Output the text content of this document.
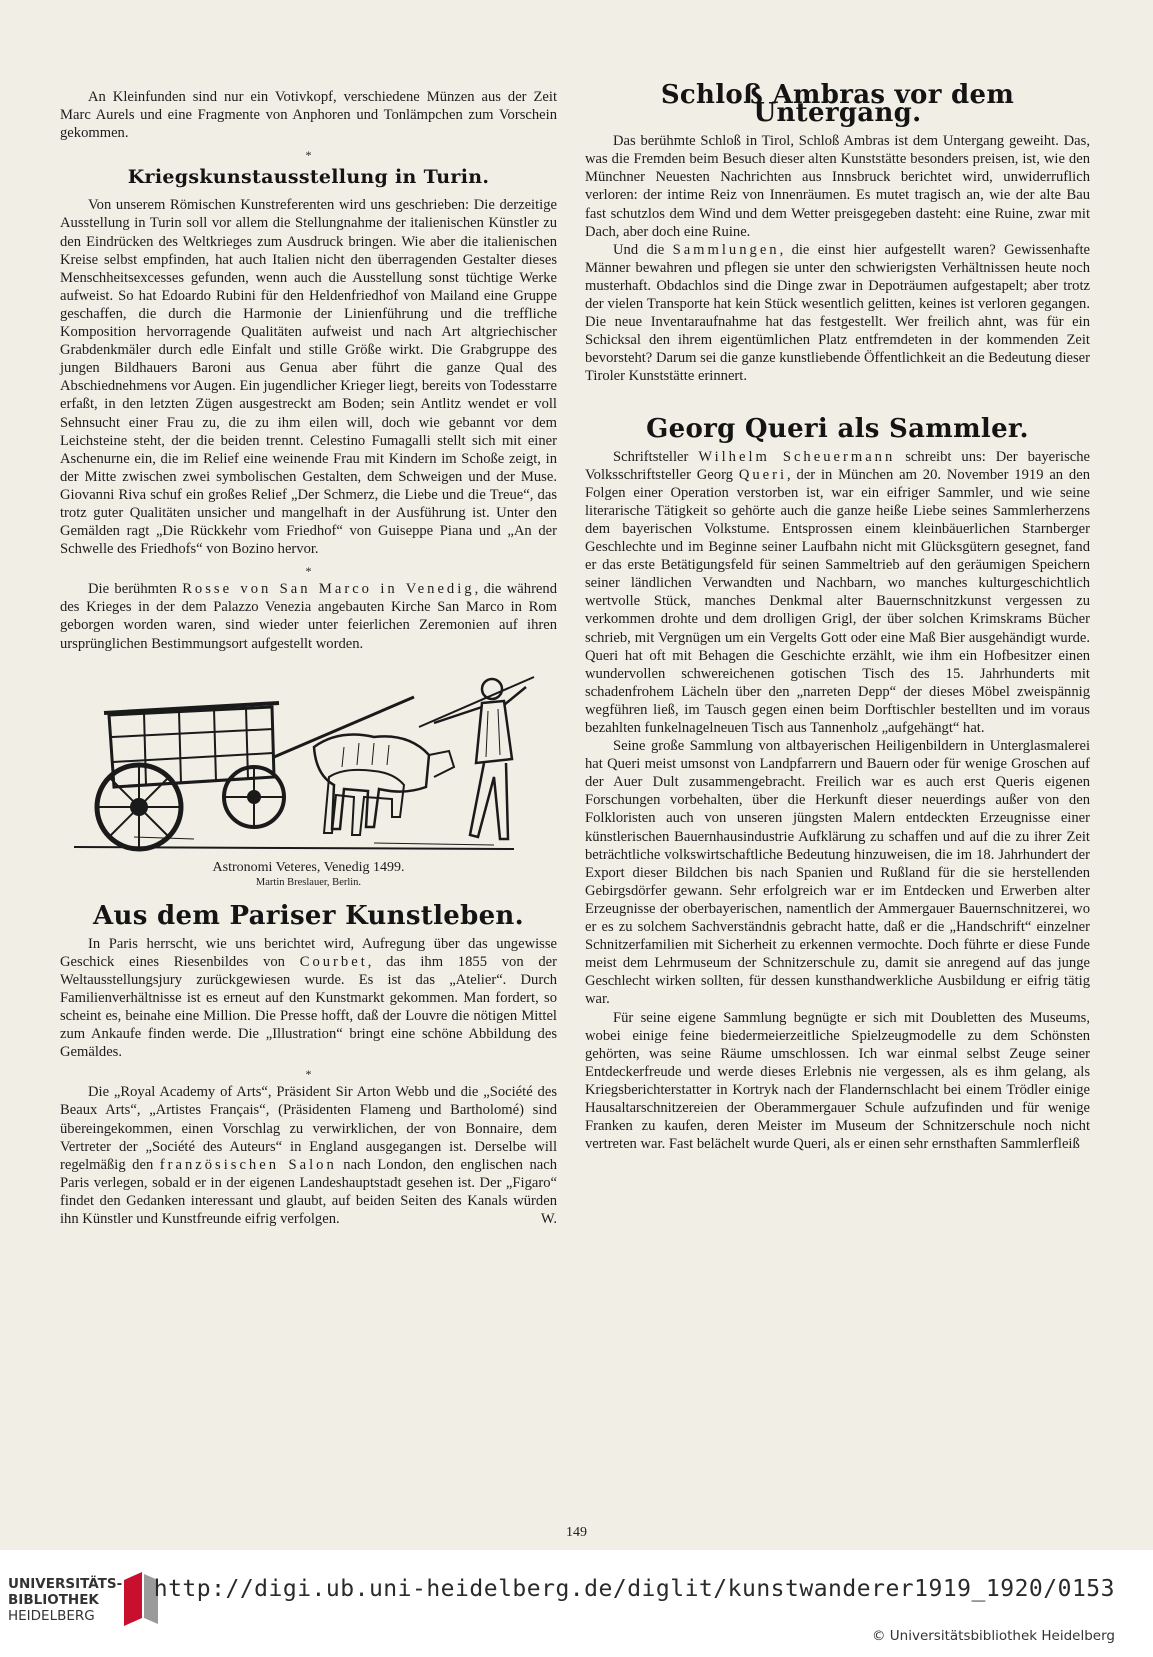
An Kleinfunden sind nur ein Votivkopf, verschiedene Münzen aus der Zeit Marc Aurels und eine Fragmente von Anphoren und Tonlämpchen zum Vorschein gekommen.

*
Kriegskunstausstellung in Turin.

Von unserem Römischen Kunstreferenten wird uns geschrieben: Die derzeitige Ausstellung in Turin soll vor allem die Stellungnahme der italienischen Künstler zu den Eindrücken des Weltkrieges zum Ausdruck bringen. Wie aber die italienischen Kreise selbst empfinden, hat auch Italien nicht den überragenden Gestalter dieses Menschheitsexcesses gefunden, wenn auch die Ausstellung sonst tüchtige Werke aufweist. So hat Edoardo Rubini für den Heldenfriedhof von Mailand eine Gruppe geschaffen, die durch die Harmonie der Linienführung und die treffliche Komposition hervorragende Qualitäten aufweist und nach Art altgriechischer Grabdenkmäler durch edle Einfalt und stille Größe wirkt. Die Grabgruppe des jungen Bildhauers Baroni aus Genua aber führt die ganze Qual des Abschiednehmens vor Augen. Ein jugendlicher Krieger liegt, bereits von Todesstarre erfaßt, in den letzten Zügen ausgestreckt am Boden; sein Antlitz wendet er voll Sehnsucht einer Frau zu, die zu ihm eilen will, doch wie gebannt vor dem Leichsteine steht, der die beiden trennt. Celestino Fumagalli stellt sich mit einer Aschenurne ein, die im Relief eine weinende Frau mit Kindern im Schoße zeigt, in der Mitte zwischen zwei symbolischen Gestalten, dem Schweigen und der Muse. Giovanni Riva schuf ein großes Relief „Der Schmerz, die Liebe und die Treue“, das trotz guter Qualitäten unsicher und mangelhaft in der Ausführung ist. Unter den Gemälden ragt „Die Rückkehr vom Friedhof“ von Guiseppe Piana und „An der Schwelle des Friedhofs“ von Bozino hervor.

*

Die berühmten Rosse von San Marco in Venedig, die während des Krieges in der dem Palazzo Venezia angebauten Kirche San Marco in Rom geborgen worden waren, sind wieder unter feierlichen Zeremonien auf ihren ursprünglichen Bestimmungsort aufgestellt worden.

Astronomi Veteres, Venedig 1499.
Martin Breslauer, Berlin.
Aus dem Pariser Kunstleben.

In Paris herrscht, wie uns berichtet wird, Aufregung über das ungewisse Geschick eines Riesenbildes von Courbet, das ihm 1855 von der Weltausstellungsjury zurückgewiesen wurde. Es ist das „Atelier“. Durch Familienverhältnisse ist es erneut auf den Kunstmarkt gekommen. Man fordert, so scheint es, beinahe eine Million. Die Presse hofft, daß der Louvre die nötigen Mittel zum Ankaufe finden werde. Die „Illustration“ bringt eine schöne Abbildung des Gemäldes.

*

Die „Royal Academy of Arts“, Präsident Sir Arton Webb und die „Société des Beaux Arts“, „Artistes Français“, (Präsidenten Flameng und Bartholomé) sind übereingekommen, einen Vorschlag zu verwirklichen, der von Bonnaire, dem Vertreter der „Société des Auteurs“ in England ausgegangen ist. Derselbe will regelmäßig den französischen Salon nach London, den englischen nach Paris verlegen, sobald er in der eigenen Landeshauptstadt gesehen ist. Der „Figaro“ findet den Gedanken interessant und glaubt, auf beiden Seiten des Kanals würden ihn Künstler und Kunstfreunde eifrig verfolgen.	W.

Schloß Ambras vor dem Untergang.

Das berühmte Schloß in Tirol, Schloß Ambras ist dem Untergang geweiht. Das, was die Fremden beim Besuch dieser alten Kunststätte besonders preisen, ist, wie den Münchner Neuesten Nachrichten aus Innsbruck berichtet wird, unwiderruflich verloren: der intime Reiz von Innenräumen. Es mutet tragisch an, wie der alte Bau fast schutzlos dem Wind und dem Wetter preisgegeben dasteht: eine Ruine, zwar mit Dach, aber doch eine Ruine.

Und die Sammlungen, die einst hier aufgestellt waren? Gewissenhafte Männer bewahren und pflegen sie unter den schwierigsten Verhältnissen heute noch musterhaft. Obdachlos sind die Dinge zwar in Depoträumen aufgestapelt; aber trotz der vielen Transporte hat kein Stück wesentlich gelitten, keines ist verloren gegangen. Die neue Inventaraufnahme hat das festgestellt. Wer freilich ahnt, was für ein Schicksal den ihrem eigentümlichen Platz entfremdeten in der kommenden Zeit bevorsteht? Darum sei die ganze kunstliebende Öffentlichkeit an die Bedeutung dieser Tiroler Kunststätte erinnert.

Georg Queri als Sammler.

Schriftsteller Wilhelm Scheuermann schreibt uns: Der bayerische Volksschriftsteller Georg Queri, der in München am 20. November 1919 an den Folgen einer Operation verstorben ist, war ein eifriger Sammler, und wie seine literarische Tätigkeit so gehörte auch die ganze heiße Liebe seines Sammlerherzens dem bayerischen Volkstume. Entsprossen einem kleinbäuerlichen Starnberger Geschlechte und im Beginne seiner Laufbahn nicht mit Glücksgütern gesegnet, fand er das erste Betätigungsfeld für seinen Sammeltrieb auf den geräumigen Speichern seiner ländlichen Verwandten und Nachbarn, wo manches kulturgeschichtlich wertvolle Stück, manches Denkmal alter Bauernschnitzkunst vergessen zu verkommen drohte und dem drolligen Grigl, der über solchen Krimskrams Bücher schrieb, mit Vergnügen um ein Vergelts Gott oder eine Maß Bier ausgehändigt wurde. Queri hat oft mit Behagen die Geschichte erzählt, wie ihm ein Hofbesitzer einen wundervollen schwereichenen gotischen Tisch des 15. Jahrhunderts mit schadenfrohem Lächeln über den „narreten Depp“ der dieses Möbel zweispännig wegführen ließ, im Tausch gegen einen beim Dorftischler bestellten und im voraus bezahlten funkelnagelneuen Tisch aus Tannenholz „aufgehängt“ hat.

Seine große Sammlung von altbayerischen Heiligenbildern in Unterglasmalerei hat Queri meist umsonst von Landpfarrern und Bauern oder für wenige Groschen auf der Auer Dult zusammengebracht. Freilich war es auch erst Queris eigenen Forschungen vorbehalten, über die Herkunft dieser neuerdings außer von den Folkloristen auch von unseren jüngsten Malern entdeckten Erzeugnisse einer künstlerischen Bauernhausindustrie Aufklärung zu schaffen und auf die zu ihrer Zeit beträchtliche volkswirtschaftliche Bedeutung hinzuweisen, die im 18. Jahrhundert der Export dieser Bildchen bis nach Spanien und Rußland für die sie herstellenden Gebirgsdörfer gewann. Sehr erfolgreich war er im Entdecken und Erwerben alter Erzeugnisse der oberbayerischen, namentlich der Ammergauer Bauernschnitzerei, wo er es zu solchem Sachverständnis gebracht hatte, daß er die „Handschrift“ einzelner Schnitzerfamilien mit Sicherheit zu erkennen vermochte. Doch führte er diese Funde meist dem Lehrmuseum der Schnitzerschule zu, damit sie anregend auf das junge Geschlecht wirken sollten, für dessen kunsthandwerkliche Ausbildung er eifrig tätig war.

Für seine eigene Sammlung begnügte er sich mit Doubletten des Museums, wobei einige feine biedermeierzeitliche Spielzeugmodelle zu dem Schönsten gehörten, was seine Räume umschlossen. Ich war einmal selbst Zeuge seiner Entdeckerfreude und werde dieses Erlebnis nie vergessen, als es ihm gelang, als Kriegsberichterstatter in Kortryk nach der Flandernschlacht bei einem Trödler einige Hausaltarschnitzereien der Oberammergauer Schule aufzufinden und für wenige Franken zu kaufen, deren Meister im Museum der Schnitzerschule noch nicht vertreten war. Fast belächelt wurde Queri, als er einen sehr ernsthaften Sammlerfleiß

149
UNIVERSITÄTS-
BIBLIOTHEK
HEIDELBERG
http://digi.ub.uni-heidelberg.de/diglit/kunstwanderer1919_1920/0153
© Universitätsbibliothek Heidelberg
